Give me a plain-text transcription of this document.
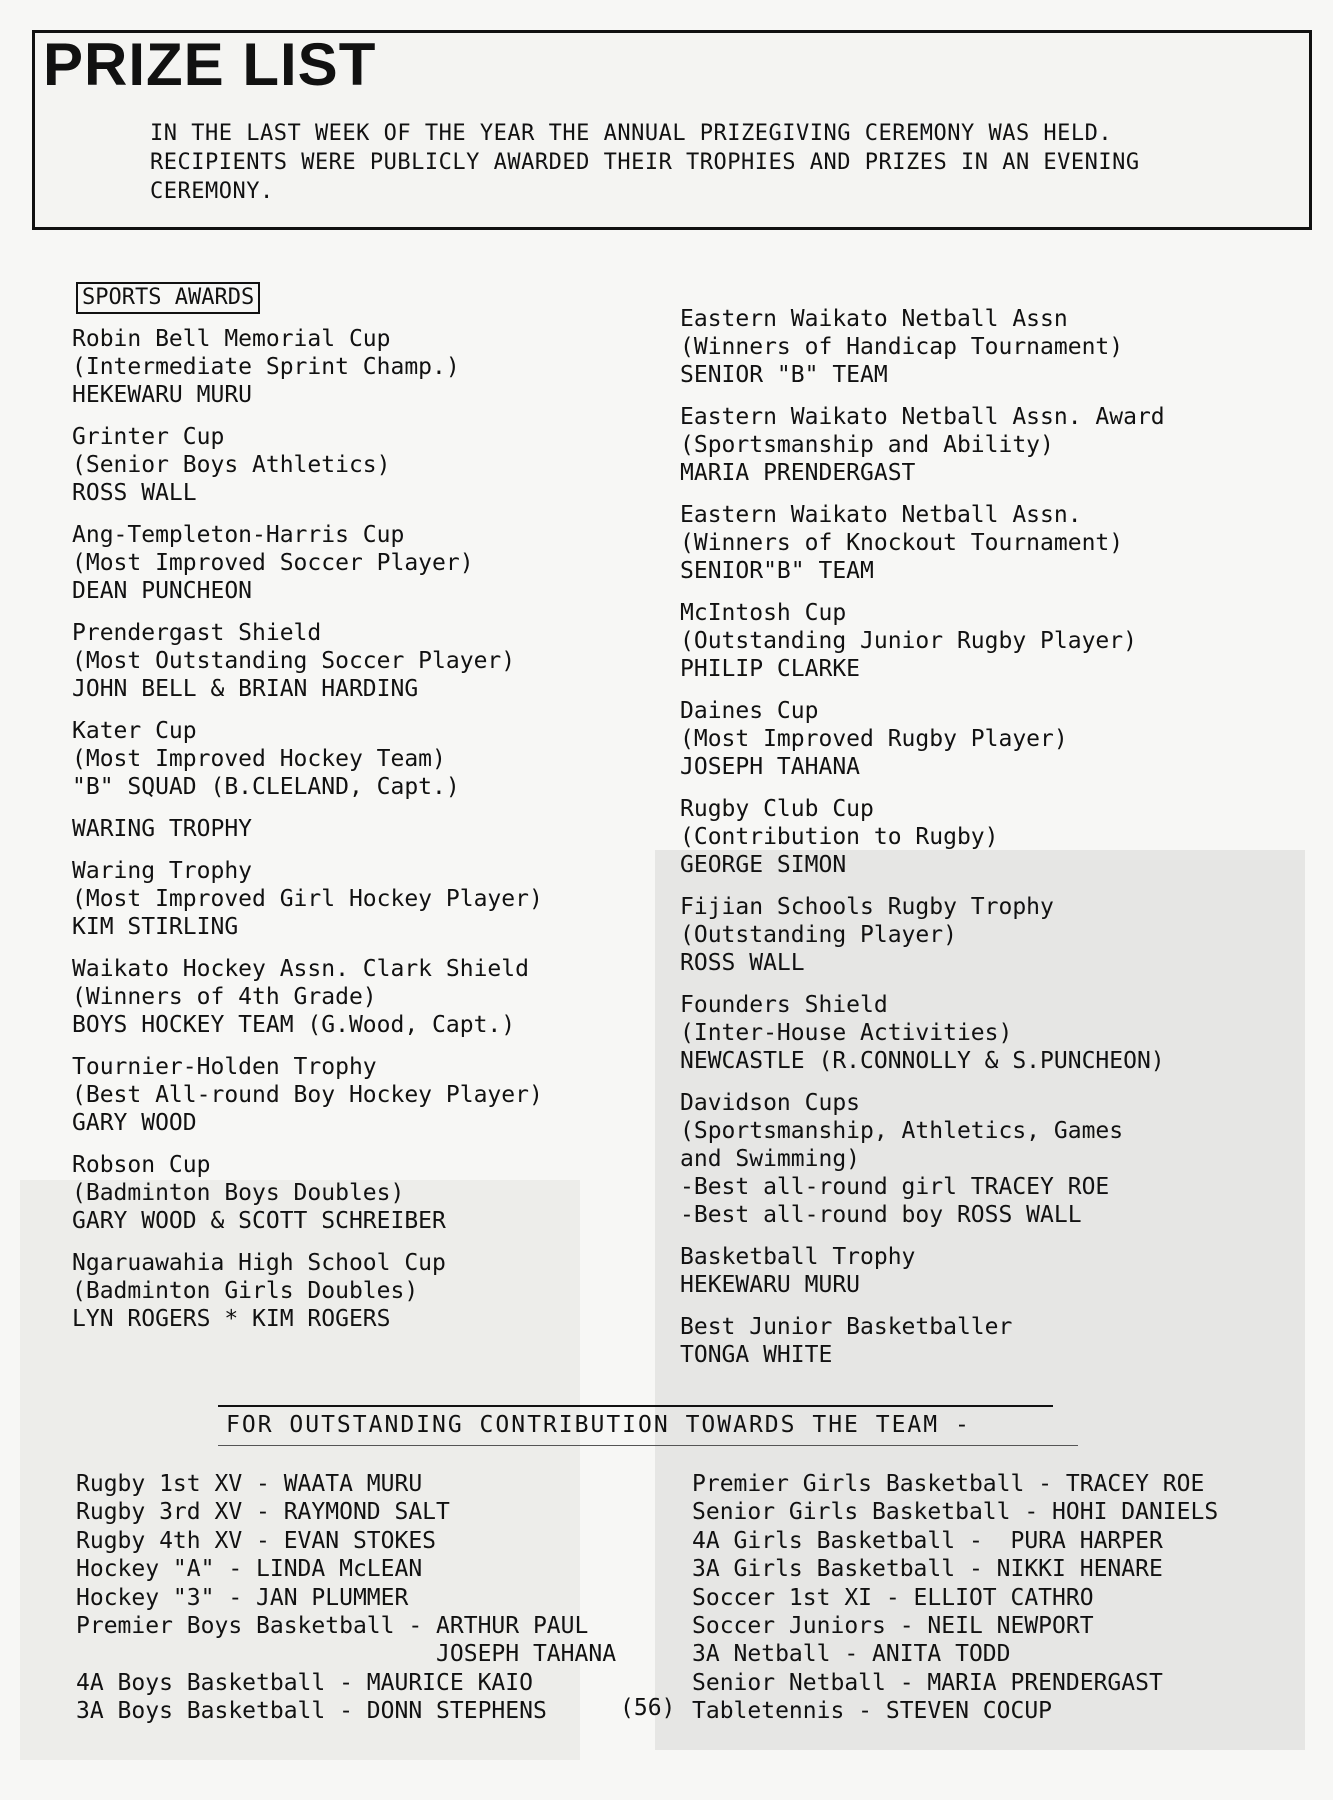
PRIZE LIST

IN THE LAST WEEK OF THE YEAR THE ANNUAL PRIZEGIVING CEREMONY WAS HELD.
RECIPIENTS WERE PUBLICLY AWARDED THEIR TROPHIES AND PRIZES IN AN EVENING
CEREMONY.

SPORTS AWARDS

Robin Bell Memorial Cup
(Intermediate Sprint Champ.)
HEKEWARU MURU
Grinter Cup
(Senior Boys Athletics)
ROSS WALL
Ang-Templeton-Harris Cup
(Most Improved Soccer Player)
DEAN PUNCHEON
Prendergast Shield
(Most Outstanding Soccer Player)
JOHN BELL & BRIAN HARDING
Kater Cup
(Most Improved Hockey Team)
"B" SQUAD (B.CLELAND, Capt.)
WARING TROPHY
Waring Trophy
(Most Improved Girl Hockey Player)
KIM STIRLING
Waikato Hockey Assn. Clark Shield
(Winners of 4th Grade)
BOYS HOCKEY TEAM (G.Wood, Capt.)
Tournier-Holden Trophy
(Best All-round Boy Hockey Player)
GARY WOOD
Robson Cup
(Badminton Boys Doubles)
GARY WOOD & SCOTT SCHREIBER
Ngaruawahia High School Cup
(Badminton Girls Doubles)
LYN ROGERS * KIM ROGERS
Eastern Waikato Netball Assn
(Winners of Handicap Tournament)
SENIOR "B" TEAM
Eastern Waikato Netball Assn. Award
(Sportsmanship and Ability)
MARIA PRENDERGAST
Eastern Waikato Netball Assn.
(Winners of Knockout Tournament)
SENIOR"B" TEAM
McIntosh Cup
(Outstanding Junior Rugby Player)
PHILIP CLARKE
Daines Cup
(Most Improved Rugby Player)
JOSEPH TAHANA
Rugby Club Cup
(Contribution to Rugby)
GEORGE SIMON
Fijian Schools Rugby Trophy
(Outstanding Player)
ROSS WALL
Founders Shield
(Inter-House Activities)
NEWCASTLE (R.CONNOLLY & S.PUNCHEON)
Davidson Cups
(Sportsmanship, Athletics, Games
and Swimming)
-Best all-round girl TRACEY ROE
-Best all-round boy ROSS WALL
Basketball Trophy
HEKEWARU MURU
Best Junior Basketballer
TONGA WHITE

FOR OUTSTANDING CONTRIBUTION TOWARDS THE TEAM -

Rugby 1st XV - WAATA MURU
Rugby 3rd XV - RAYMOND SALT
Rugby 4th XV - EVAN STOKES
Hockey "A" - LINDA McLEAN
Hockey "3" - JAN PLUMMER
Premier Boys Basketball - ARTHUR PAUL
JOSEPH TAHANA
4A Boys Basketball - MAURICE KAIO
3A Boys Basketball - DONN STEPHENS
Premier Girls Basketball - TRACEY ROE
Senior Girls Basketball - HOHI DANIELS
4A Girls Basketball -  PURA HARPER
3A Girls Basketball - NIKKI HENARE
Soccer 1st XI - ELLIOT CATHRO
Soccer Juniors - NEIL NEWPORT
3A Netball - ANITA TODD
Senior Netball - MARIA PRENDERGAST
Tabletennis - STEVEN COCUP
(56)
